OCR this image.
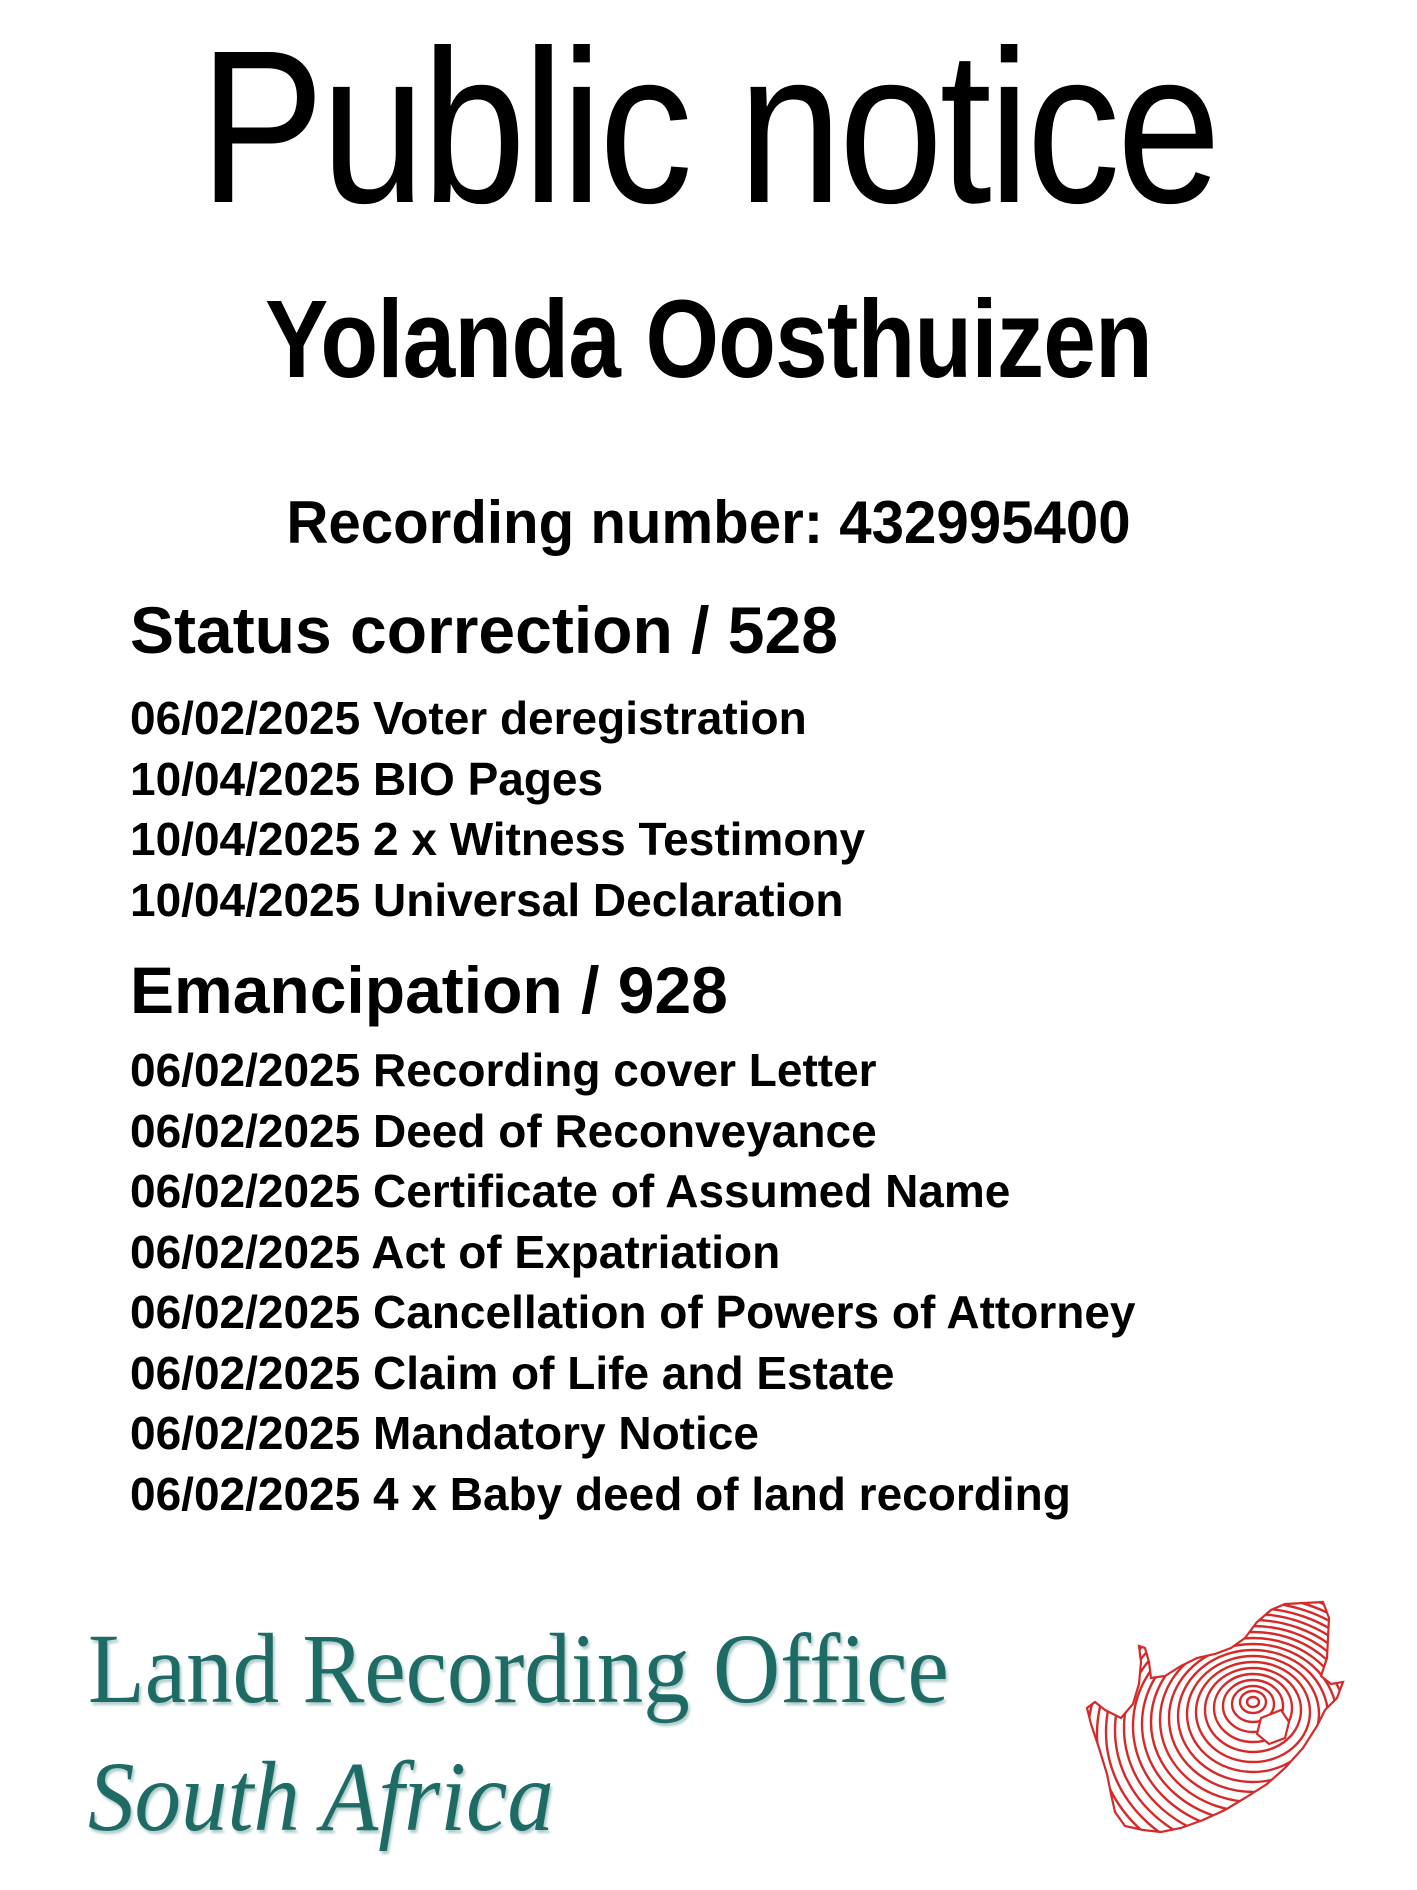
Public notice
Yolanda Oosthuizen
Recording number: 432995400
Status correction / 528

06/02/2025 Voter deregistration

10/04/2025 BIO Pages

10/04/2025 2 x Witness Testimony

10/04/2025 Universal Declaration

Emancipation / 928

06/02/2025 Recording cover Letter

06/02/2025 Deed of Reconveyance

06/02/2025 Certificate of Assumed Name

06/02/2025 Act of Expatriation

06/02/2025 Cancellation of Powers of Attorney

06/02/2025 Claim of Life and Estate

06/02/2025 Mandatory Notice

06/02/2025 4 x Baby deed of land recording

Land Recording Office
South Africa
